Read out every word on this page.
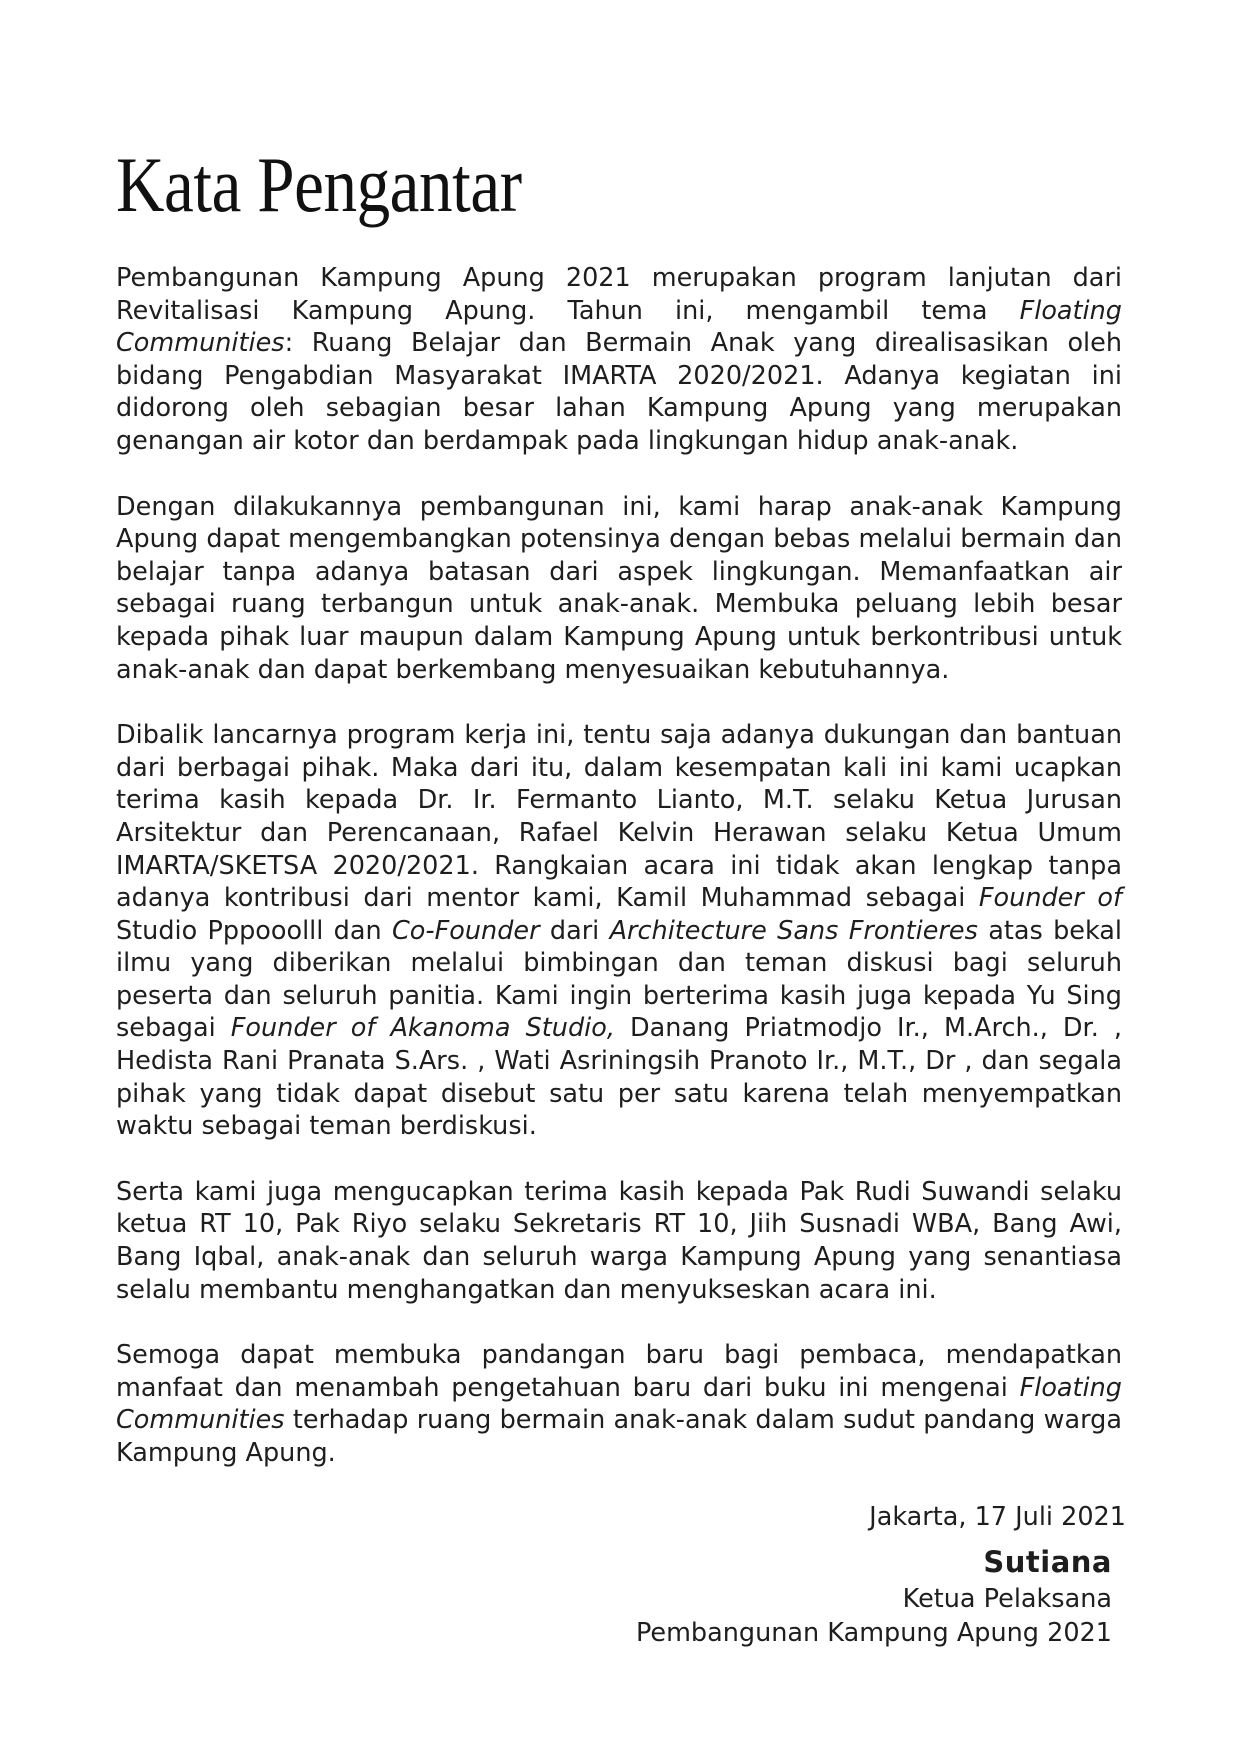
Kata Pengantar

Pembangunan Kampung Apung 2021 merupakan program lanjutan dari Revitalisasi Kampung Apung. Tahun ini, mengambil tema Floating Communities: Ruang Belajar dan Bermain Anak yang direalisasikan oleh bidang Pengabdian Masyarakat IMARTA 2020/2021. Adanya kegiatan ini didorong oleh sebagian besar lahan Kampung Apung yang merupakan genangan air kotor dan berdampak pada lingkungan hidup anak-anak.

Dengan dilakukannya pembangunan ini, kami harap anak-anak Kampung Apung dapat mengembangkan potensinya dengan bebas melalui bermain dan belajar tanpa adanya batasan dari aspek lingkungan. Memanfaatkan air sebagai ruang terbangun untuk anak-anak. Membuka peluang lebih besar kepada pihak luar maupun dalam Kampung Apung untuk berkontribusi untuk anak-anak dan dapat berkembang menyesuaikan kebutuhannya.

Dibalik lancarnya program kerja ini, tentu saja adanya dukungan dan bantuan dari berbagai pihak. Maka dari itu, dalam kesempatan kali ini kami ucapkan terima kasih kepada Dr. Ir. Fermanto Lianto, M.T. selaku Ketua Jurusan Arsitektur dan Perencanaan, Rafael Kelvin Herawan selaku Ketua Umum IMARTA/SKETSA 2020/2021. Rangkaian acara ini tidak akan lengkap tanpa adanya kontribusi dari mentor kami, Kamil Muhammad sebagai Founder of Studio Pppooolll dan Co-Founder dari Architecture Sans Frontieres atas bekal ilmu yang diberikan melalui bimbingan dan teman diskusi bagi seluruh peserta dan seluruh panitia. Kami ingin berterima kasih juga kepada Yu Sing sebagai Founder of Akanoma Studio, Danang Priatmodjo Ir., M.Arch., Dr. , Hedista Rani Pranata S.Ars. , Wati Asriningsih Pranoto Ir., M.T., Dr , dan segala pihak yang tidak dapat disebut satu per satu karena telah menyempatkan waktu sebagai teman berdiskusi.

Serta kami juga mengucapkan terima kasih kepada Pak Rudi Suwandi selaku ketua RT 10, Pak Riyo selaku Sekretaris RT 10, Jiih Susnadi WBA, Bang Awi, Bang Iqbal, anak-anak dan seluruh warga Kampung Apung yang senantiasa selalu membantu menghangatkan dan menyukseskan acara ini.

Semoga dapat membuka pandangan baru bagi pembaca, mendapatkan manfaat dan menambah pengetahuan baru dari buku ini mengenai Floating Communities terhadap ruang bermain anak-anak dalam sudut pandang warga Kampung Apung.

Jakarta, 17 Juli 2021
Sutiana
Ketua Pelaksana
Pembangunan Kampung Apung 2021
